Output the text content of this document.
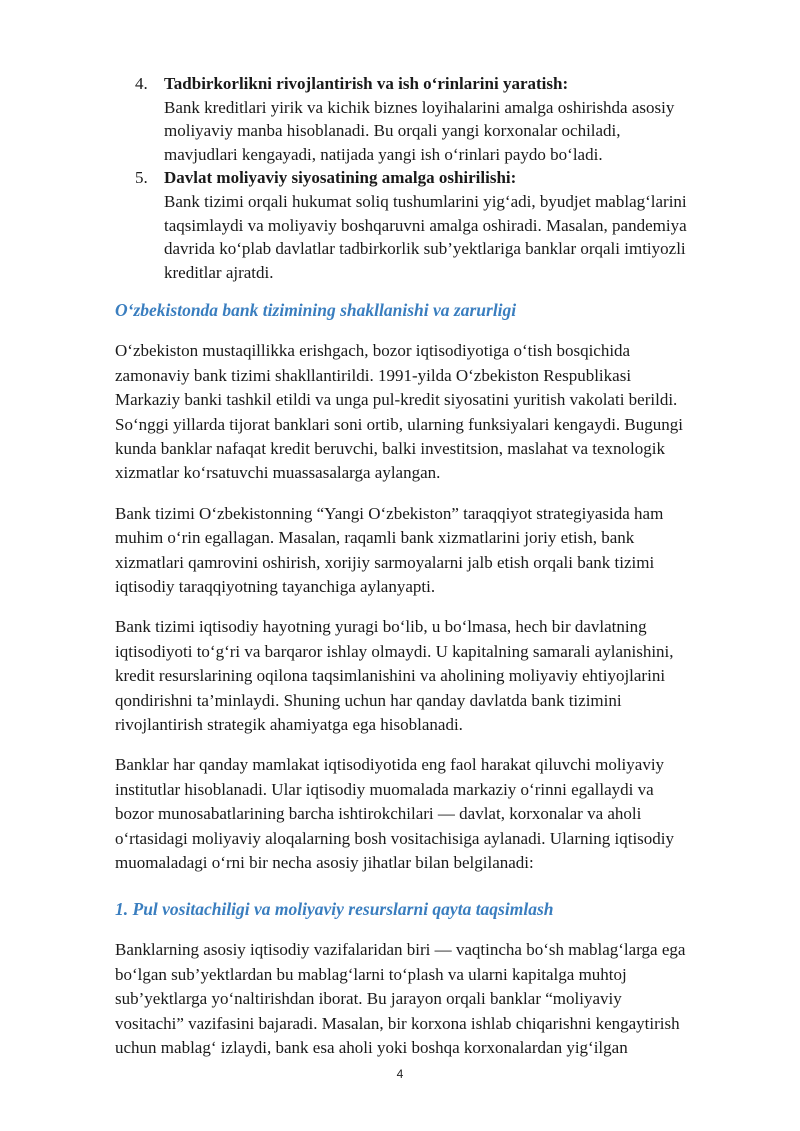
4. Tadbirkorlikni rivojlantirish va ish o‘rinlarini yaratish:
Bank kreditlari yirik va kichik biznes loyihalarini amalga oshirishda asosiy moliyaviy manba hisoblanadi. Bu orqali yangi korxonalar ochiladi, mavjudlari kengayadi, natijada yangi ish o‘rinlari paydo bo‘ladi.
5. Davlat moliyaviy siyosatining amalga oshirilishi:
Bank tizimi orqali hukumat soliq tushumlarini yig‘adi, byudjet mablag‘larini taqsimlaydi va moliyaviy boshqaruvni amalga oshiradi. Masalan, pandemiya davrida ko‘plab davlatlar tadbirkorlik sub’yektlariga banklar orqali imtiyozli kreditlar ajratdi.
O‘zbekistonda bank tizimining shakllanishi va zarurligi

O‘zbekiston mustaqillikka erishgach, bozor iqtisodiyotiga o‘tish bosqichida zamonaviy bank tizimi shakllantirildi. 1991-yilda O‘zbekiston Respublikasi Markaziy banki tashkil etildi va unga pul-kredit siyosatini yuritish vakolati berildi. So‘nggi yillarda tijorat banklari soni ortib, ularning funksiyalari kengaydi. Bugungi kunda banklar nafaqat kredit beruvchi, balki investitsion, maslahat va texnologik xizmatlar ko‘rsatuvchi muassasalarga aylangan.

Bank tizimi O‘zbekistonning “Yangi O‘zbekiston” taraqqiyot strategiyasida ham muhim o‘rin egallagan. Masalan, raqamli bank xizmatlarini joriy etish, bank xizmatlari qamrovini oshirish, xorijiy sarmoyalarni jalb etish orqali bank tizimi iqtisodiy taraqqiyotning tayanchiga aylanyapti.

Bank tizimi iqtisodiy hayotning yuragi bo‘lib, u bo‘lmasa, hech bir davlatning iqtisodiyoti to‘g‘ri va barqaror ishlay olmaydi. U kapitalning samarali aylanishini, kredit resurslarining oqilona taqsimlanishini va aholining moliyaviy ehtiyojlarini qondirishni ta’minlaydi. Shuning uchun har qanday davlatda bank tizimini rivojlantirish strategik ahamiyatga ega hisoblanadi.

Banklar har qanday mamlakat iqtisodiyotida eng faol harakat qiluvchi moliyaviy institutlar hisoblanadi. Ular iqtisodiy muomalada markaziy o‘rinni egallaydi va bozor munosabatlarining barcha ishtirokchilari — davlat, korxonalar va aholi o‘rtasidagi moliyaviy aloqalarning bosh vositachisiga aylanadi. Ularning iqtisodiy muomaladagi o‘rni bir necha asosiy jihatlar bilan belgilanadi:

1. Pul vositachiligi va moliyaviy resurslarni qayta taqsimlash

Banklarning asosiy iqtisodiy vazifalaridan biri — vaqtincha bo‘sh mablag‘larga ega bo‘lgan sub’yektlardan bu mablag‘larni to‘plash va ularni kapitalga muhtoj sub’yektlarga yo‘naltirishdan iborat. Bu jarayon orqali banklar “moliyaviy vositachi” vazifasini bajaradi. Masalan, bir korxona ishlab chiqarishni kengaytirish uchun mablag‘ izlaydi, bank esa aholi yoki boshqa korxonalardan yig‘ilgan

4
